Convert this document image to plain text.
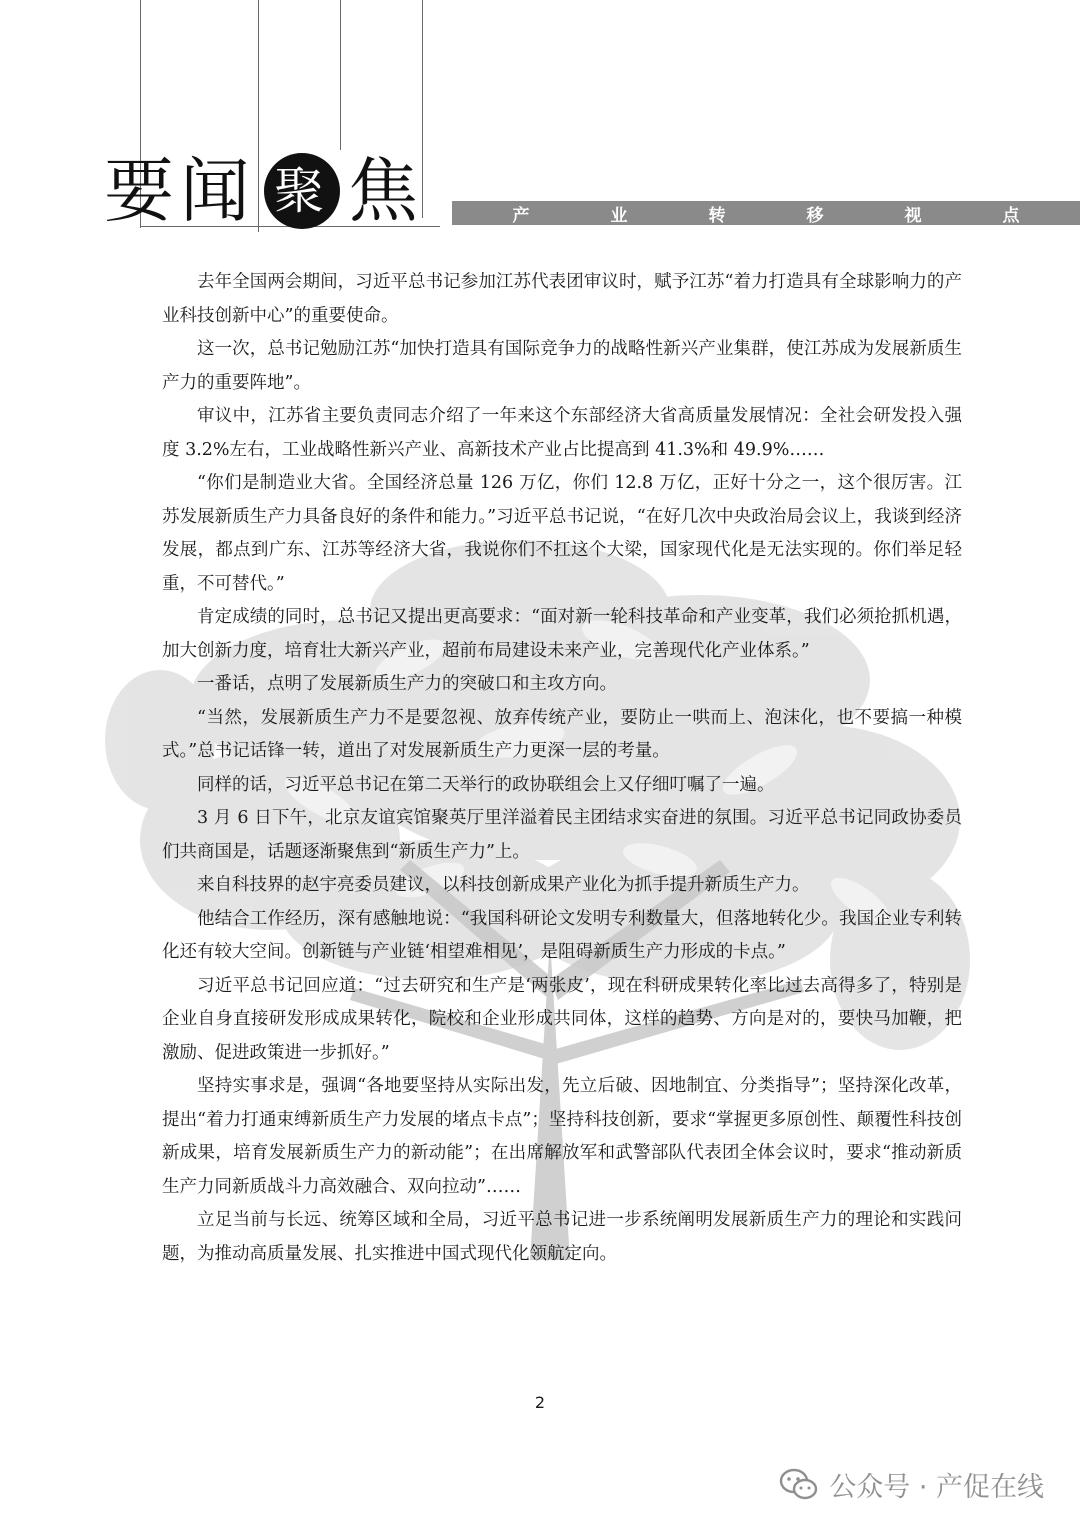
要 闻 聚 焦	产	业	转	移	视	点

去年全国两会期间，习近平总书记参加江苏代表团审议时，赋予江苏“着力打造具有全球影响力的产业科技创新中心”的重要使命。

这一次，总书记勉励江苏“加快打造具有国际竞争力的战略性新兴产业集群，使江苏成为发展新质生产力的重要阵地”。

审议中，江苏省主要负责同志介绍了一年来这个东部经济大省高质量发展情况：全社会研发投入强度 3.2%左右，工业战略性新兴产业、高新技术产业占比提高到 41.3%和 49.9%……

“你们是制造业大省。全国经济总量 126 万亿，你们 12.8 万亿，正好十分之一，这个很厉害。江苏发展新质生产力具备良好的条件和能力。”习近平总书记说，“在好几次中央政治局会议上，我谈到经济发展，都点到广东、江苏等经济大省，我说你们不扛这个大梁，国家现代化是无法实现的。你们举足轻重，不可替代。”

肯定成绩的同时，总书记又提出更高要求：“面对新一轮科技革命和产业变革，我们必须抢抓机遇，加大创新力度，培育壮大新兴产业，超前布局建设未来产业，完善现代化产业体系。”

一番话，点明了发展新质生产力的突破口和主攻方向。

“当然，发展新质生产力不是要忽视、放弃传统产业，要防止一哄而上、泡沫化，也不要搞一种模式。”总书记话锋一转，道出了对发展新质生产力更深一层的考量。

同样的话，习近平总书记在第二天举行的政协联组会上又仔细叮嘱了一遍。

3 月 6 日下午，北京友谊宾馆聚英厅里洋溢着民主团结求实奋进的氛围。习近平总书记同政协委员们共商国是，话题逐渐聚焦到“新质生产力”上。

来自科技界的赵宇亮委员建议，以科技创新成果产业化为抓手提升新质生产力。

他结合工作经历，深有感触地说：“我国科研论文发明专利数量大，但落地转化少。我国企业专利转化还有较大空间。创新链与产业链‘相望难相见’，是阻碍新质生产力形成的卡点。”

习近平总书记回应道：“过去研究和生产是‘两张皮’，现在科研成果转化率比过去高得多了，特别是企业自身直接研发形成成果转化，院校和企业形成共同体，这样的趋势、方向是对的，要快马加鞭，把激励、促进政策进一步抓好。”

坚持实事求是，强调“各地要坚持从实际出发，先立后破、因地制宜、分类指导”；坚持深化改革，提出“着力打通束缚新质生产力发展的堵点卡点”；坚持科技创新，要求“掌握更多原创性、颠覆性科技创新成果，培育发展新质生产力的新动能”；在出席解放军和武警部队代表团全体会议时，要求“推动新质生产力同新质战斗力高效融合、双向拉动”……

立足当前与长远、统筹区域和全局，习近平总书记进一步系统阐明发展新质生产力的理论和实践问题，为推动高质量发展、扎实推进中国式现代化领航定向。

2
公众号 · 产促在线
